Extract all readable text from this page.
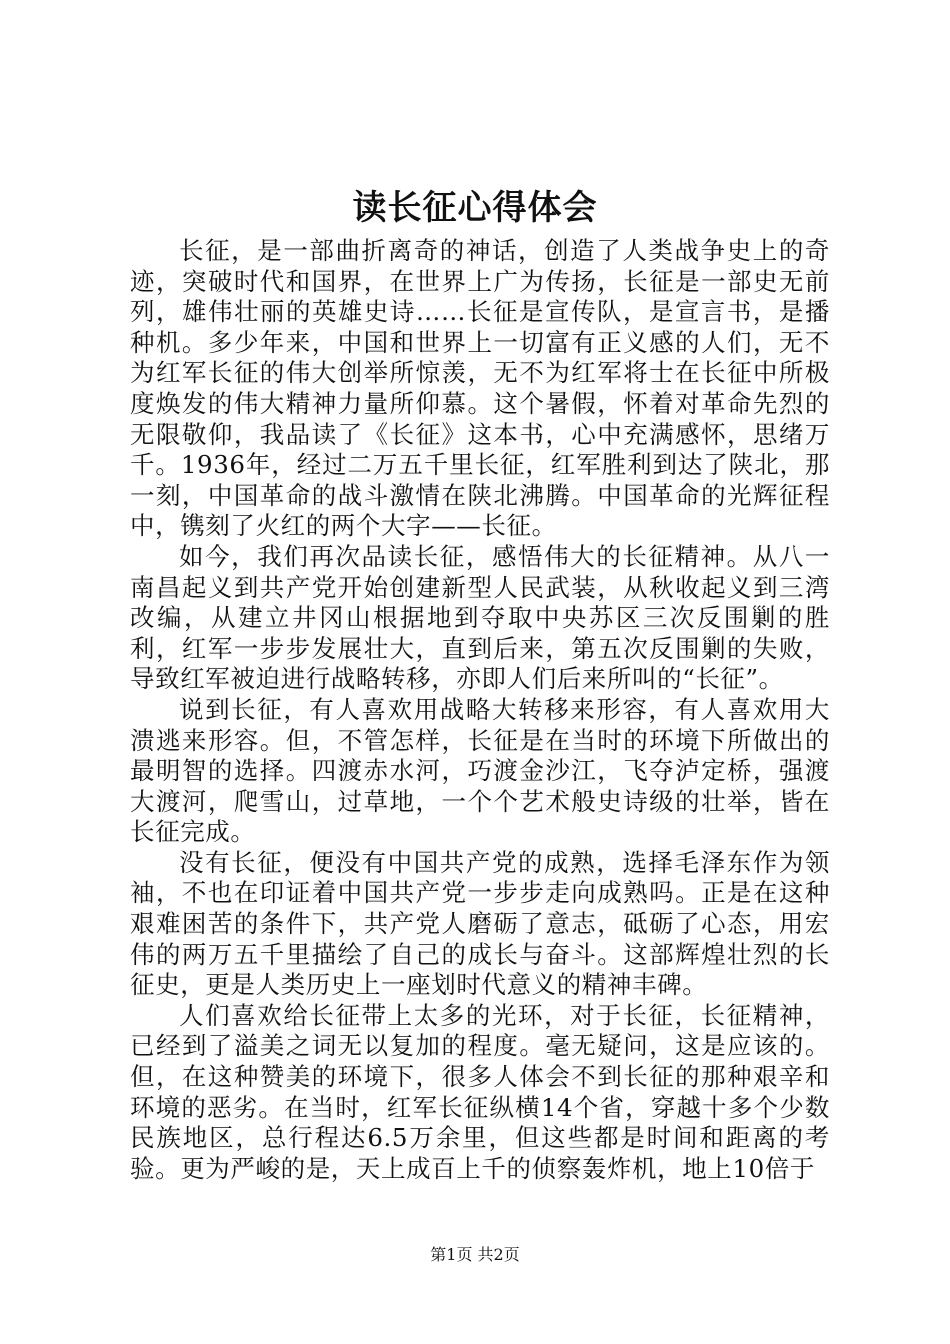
读长征心得体会

长征，是一部曲折离奇的神话，创造了人类战争史上的奇迹，突破时代和国界，在世界上广为传扬，长征是一部史无前列，雄伟壮丽的英雄史诗……长征是宣传队，是宣言书，是播种机。多少年来，中国和世界上一切富有正义感的人们，无不为红军长征的伟大创举所惊羡，无不为红军将士在长征中所极度焕发的伟大精神力量所仰慕。这个暑假，怀着对革命先烈的无限敬仰，我品读了《长征》这本书，心中充满感怀，思绪万千。1936年，经过二万五千里长征，红军胜利到达了陕北，那一刻，中国革命的战斗激情在陕北沸腾。中国革命的光辉征程中，镌刻了火红的两个大字——长征。

如今，我们再次品读长征，感悟伟大的长征精神。从八一南昌起义到共产党开始创建新型人民武装，从秋收起义到三湾改编，从建立井冈山根据地到夺取中央苏区三次反围剿的胜利，红军一步步发展壮大，直到后来，第五次反围剿的失败，导致红军被迫进行战略转移，亦即人们后来所叫的“长征”。

说到长征，有人喜欢用战略大转移来形容，有人喜欢用大溃逃来形容。但，不管怎样，长征是在当时的环境下所做出的最明智的选择。四渡赤水河，巧渡金沙江，飞夺泸定桥，强渡大渡河，爬雪山，过草地，一个个艺术般史诗级的壮举，皆在长征完成。

没有长征，便没有中国共产党的成熟，选择毛泽东作为领袖，不也在印证着中国共产党一步步走向成熟吗。正是在这种艰难困苦的条件下，共产党人磨砺了意志，砥砺了心态，用宏伟的两万五千里描绘了自己的成长与奋斗。这部辉煌壮烈的长征史，更是人类历史上一座划时代意义的精神丰碑。

人们喜欢给长征带上太多的光环，对于长征，长征精神，已经到了溢美之词无以复加的程度。毫无疑问，这是应该的。但，在这种赞美的环境下，很多人体会不到长征的那种艰辛和环境的恶劣。在当时，红军长征纵横14个省，穿越十多个少数民族地区，总行程达6.5万余里，但这些都是时间和距离的考验。更为严峻的是，天上成百上千的侦察轰炸机，地上10倍于

第1页 共2页
